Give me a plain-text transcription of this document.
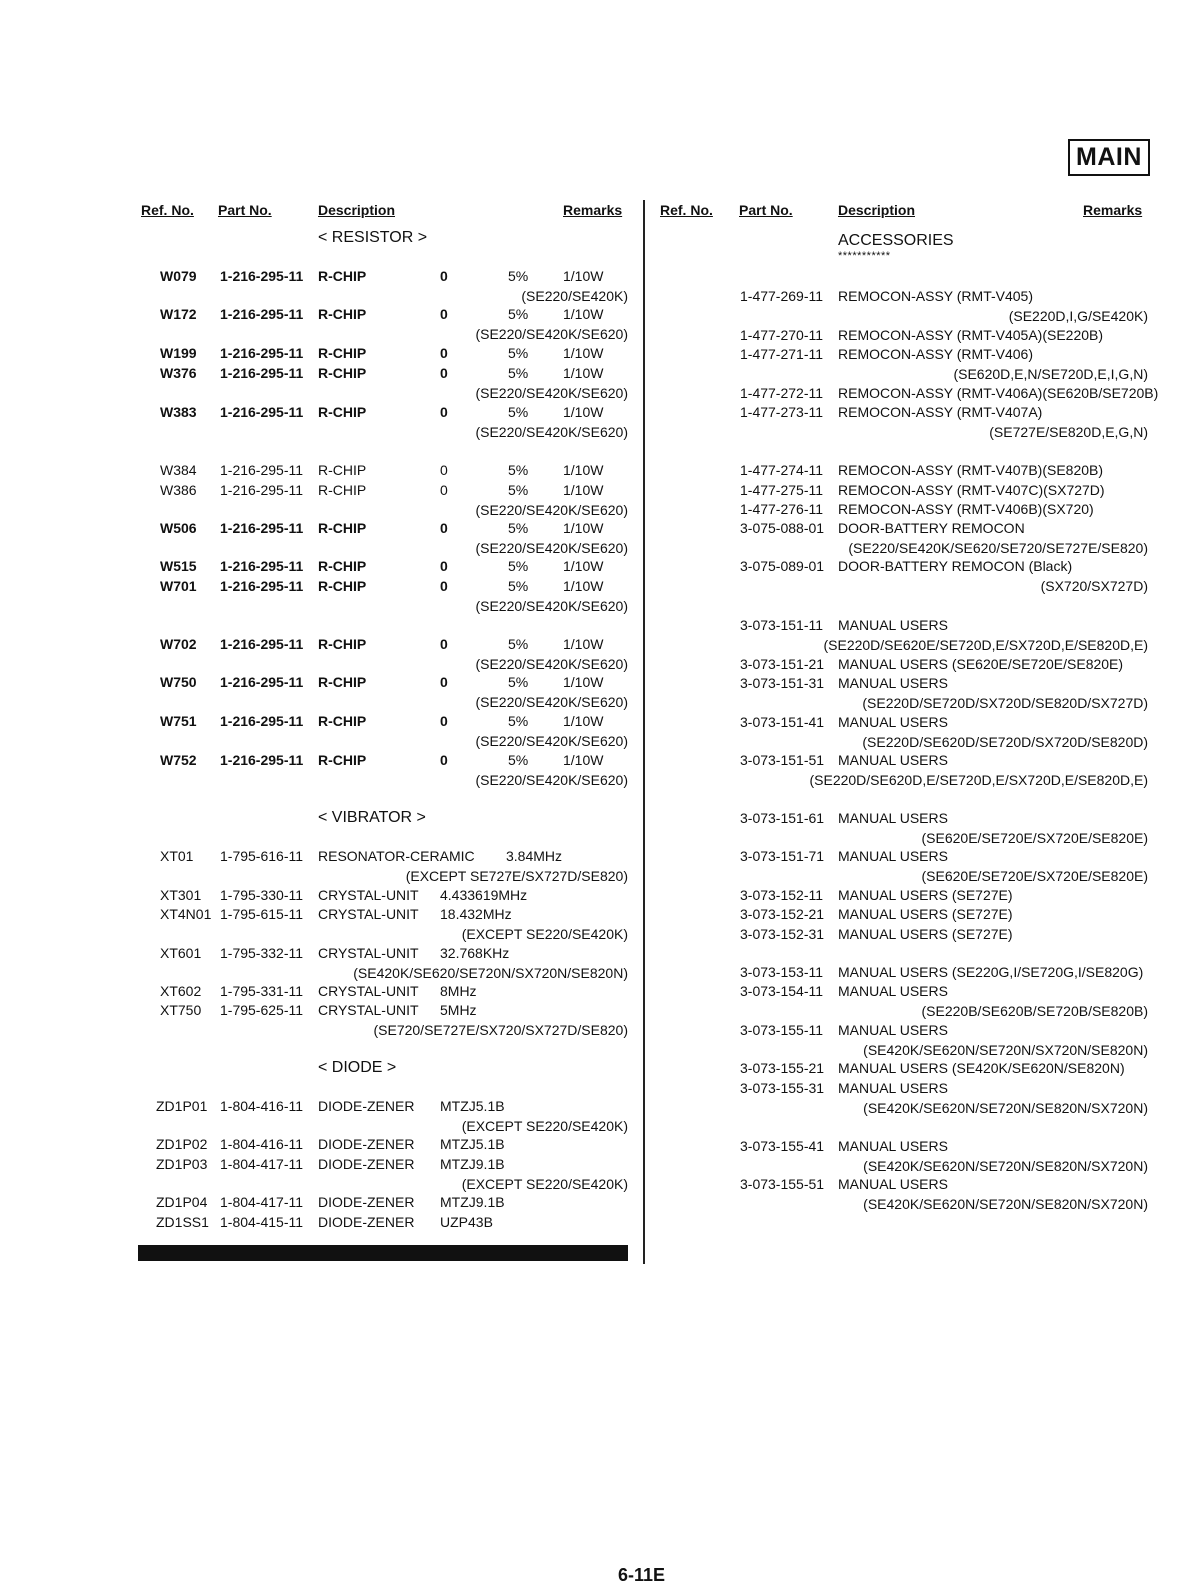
MAIN
Ref. No. Part No.	Description	Remarks	Ref. No. Part No.	Description	Remarks
6-11E
< RESISTOR >
W079 1-216-295-11 R-CHIP	0	5% 1/10W
(SE220/SE420K)
W172 1-216-295-11 R-CHIP	0	5% 1/10W
(SE220/SE420K/SE620)
W199 1-216-295-11 R-CHIP	0	5% 1/10W
W376 1-216-295-11 R-CHIP	0	5% 1/10W
(SE220/SE420K/SE620)
W383 1-216-295-11 R-CHIP	0	5% 1/10W
(SE220/SE420K/SE620)
W384 1-216-295-11 R-CHIP	0	5% 1/10W
W386 1-216-295-11 R-CHIP	0	5% 1/10W
(SE220/SE420K/SE620)
W506 1-216-295-11 R-CHIP	0	5% 1/10W
(SE220/SE420K/SE620)
W515 1-216-295-11 R-CHIP	0	5% 1/10W
W701 1-216-295-11 R-CHIP	0	5% 1/10W
(SE220/SE420K/SE620)
W702 1-216-295-11 R-CHIP	0	5% 1/10W
(SE220/SE420K/SE620)
W750 1-216-295-11 R-CHIP	0	5% 1/10W
(SE220/SE420K/SE620)
W751 1-216-295-11 R-CHIP	0	5% 1/10W
(SE220/SE420K/SE620)
W752 1-216-295-11 R-CHIP	0	5% 1/10W
(SE220/SE420K/SE620)
< VIBRATOR >
XT01 1-795-616-11 RESONATOR-CERAMIC 3.84MHz
(EXCEPT SE727E/SX727D/SE820)
XT301 1-795-330-11 CRYSTAL-UNIT 4.433619MHz
XT4N01 1-795-615-11 CRYSTAL-UNIT 18.432MHz
(EXCEPT SE220/SE420K)
XT601 1-795-332-11 CRYSTAL-UNIT 32.768KHz
(SE420K/SE620/SE720N/SX720N/SE820N)
XT602 1-795-331-11 CRYSTAL-UNIT 8MHz
XT750 1-795-625-11 CRYSTAL-UNIT 5MHz
(SE720/SE727E/SX720/SX727D/SE820)
< DIODE >
ZD1P01 1-804-416-11 DIODE-ZENER MTZJ5.1B
(EXCEPT SE220/SE420K)
ZD1P02 1-804-416-11 DIODE-ZENER MTZJ5.1B
ZD1P03 1-804-417-11 DIODE-ZENER MTZJ9.1B
(EXCEPT SE220/SE420K)
ZD1P04 1-804-417-11 DIODE-ZENER MTZJ9.1B
ZD1SS1 1-804-415-11 DIODE-ZENER UZP43B
ACCESSORIES
***********
1-477-269-11 REMOCON-ASSY (RMT-V405)
(SE220D,I,G/SE420K)
1-477-270-11 REMOCON-ASSY (RMT-V405A)(SE220B)
1-477-271-11 REMOCON-ASSY (RMT-V406)
(SE620D,E,N/SE720D,E,I,G,N)
1-477-272-11 REMOCON-ASSY (RMT-V406A)(SE620B/SE720B)
1-477-273-11 REMOCON-ASSY (RMT-V407A)
(SE727E/SE820D,E,G,N)
1-477-274-11 REMOCON-ASSY (RMT-V407B)(SE820B)
1-477-275-11 REMOCON-ASSY (RMT-V407C)(SX727D)
1-477-276-11 REMOCON-ASSY (RMT-V406B)(SX720)
3-075-088-01 DOOR-BATTERY REMOCON
(SE220/SE420K/SE620/SE720/SE727E/SE820)
3-075-089-01 DOOR-BATTERY REMOCON (Black)
(SX720/SX727D)
3-073-151-11 MANUAL USERS
(SE220D/SE620E/SE720D,E/SX720D,E/SE820D,E)
3-073-151-21 MANUAL USERS (SE620E/SE720E/SE820E)
3-073-151-31 MANUAL USERS
(SE220D/SE720D/SX720D/SE820D/SX727D)
3-073-151-41 MANUAL USERS
(SE220D/SE620D/SE720D/SX720D/SE820D)
3-073-151-51 MANUAL USERS
(SE220D/SE620D,E/SE720D,E/SX720D,E/SE820D,E)
3-073-151-61 MANUAL USERS
(SE620E/SE720E/SX720E/SE820E)
3-073-151-71 MANUAL USERS
(SE620E/SE720E/SX720E/SE820E)
3-073-152-11 MANUAL USERS (SE727E)
3-073-152-21 MANUAL USERS (SE727E)
3-073-152-31 MANUAL USERS (SE727E)
3-073-153-11 MANUAL USERS (SE220G,I/SE720G,I/SE820G)
3-073-154-11 MANUAL USERS
(SE220B/SE620B/SE720B/SE820B)
3-073-155-11 MANUAL USERS
(SE420K/SE620N/SE720N/SX720N/SE820N)
3-073-155-21 MANUAL USERS (SE420K/SE620N/SE820N)
3-073-155-31 MANUAL USERS
(SE420K/SE620N/SE720N/SE820N/SX720N)
3-073-155-41 MANUAL USERS
(SE420K/SE620N/SE720N/SE820N/SX720N)
3-073-155-51 MANUAL USERS
(SE420K/SE620N/SE720N/SE820N/SX720N)
